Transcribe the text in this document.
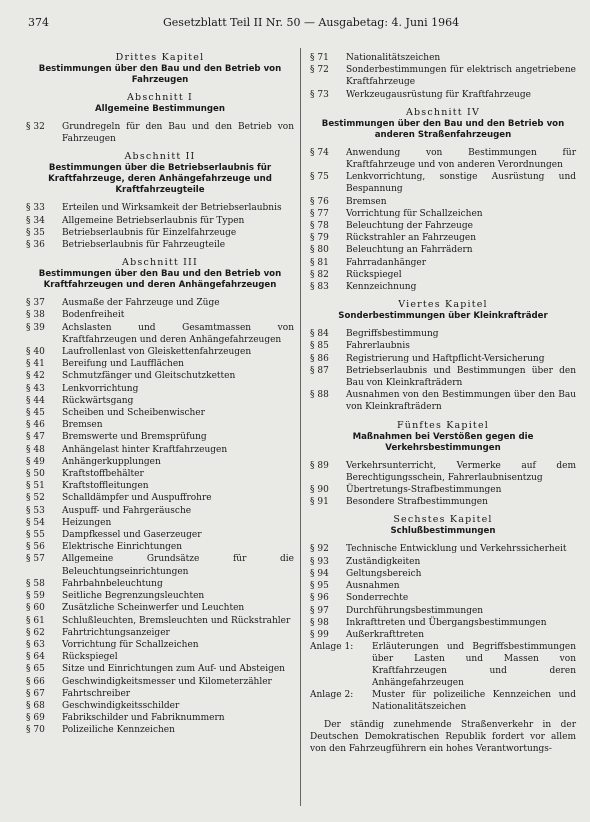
374	Gesetzblatt Teil II Nr. 50 — Ausgabetag: 4. Juni 1964
Drittes Kapitel
Bestimmungen über den Bau und den Betrieb von Fahrzeugen
Abschnitt I
Allgemeine Bestimmungen
§ 32	Grundregeln für den Bau und den Betrieb von Fahrzeugen
Abschnitt II
Bestimmungen über die Betriebserlaubnis für Kraftfahrzeuge, deren Anhängefahrzeuge und Kraftfahrzeugteile
§ 33	Erteilen und Wirksamkeit der Betriebserlaubnis
§ 34	Allgemeine Betriebserlaubnis für Typen
§ 35	Betriebserlaubnis für Einzelfahrzeuge
§ 36	Betriebserlaubnis für Fahrzeugteile
Abschnitt III
Bestimmungen über den Bau und den Betrieb von Kraftfahrzeugen und deren Anhängefahrzeugen
§ 37	Ausmaße der Fahrzeuge und Züge
§ 38	Bodenfreiheit
§ 39	Achslasten und Gesamtmassen von Kraftfahrzeugen und deren Anhängefahrzeugen
§ 40	Laufrollenlast von Gleiskettenfahrzeugen
§ 41	Bereifung und Laufflächen
§ 42	Schmutzfänger und Gleitschutzketten
§ 43	Lenkvorrichtung
§ 44	Rückwärtsgang
§ 45	Scheiben und Scheibenwischer
§ 46	Bremsen
§ 47	Bremswerte und Bremsprüfung
§ 48	Anhängelast hinter Kraftfahrzeugen
§ 49	Anhängerkupplungen
§ 50	Kraftstoffbehälter
§ 51	Kraftstoffleitungen
§ 52	Schalldämpfer und Auspuffrohre
§ 53	Auspuff- und Fahrgeräusche
§ 54	Heizungen
§ 55	Dampfkessel und Gaserzeuger
§ 56	Elektrische Einrichtungen
§ 57	Allgemeine Grundsätze für die Beleuchtungseinrichtungen
§ 58	Fahrbahnbeleuchtung
§ 59	Seitliche Begrenzungsleuchten
§ 60	Zusätzliche Scheinwerfer und Leuchten
§ 61	Schlußleuchten, Bremsleuchten und Rückstrahler
§ 62	Fahrtrichtungsanzeiger
§ 63	Vorrichtung für Schallzeichen
§ 64	Rückspiegel
§ 65	Sitze und Einrichtungen zum Auf- und Absteigen
§ 66	Geschwindigkeitsmesser und Kilometerzähler
§ 67	Fahrtschreiber
§ 68	Geschwindigkeitsschilder
§ 69	Fabrikschilder und Fabriknummern
§ 70	Polizeiliche Kennzeichen
§ 71	Nationalitätszeichen
§ 72	Sonderbestimmungen für elektrisch angetriebene Kraftfahrzeuge
§ 73	Werkzeugausrüstung für Kraftfahrzeuge
Abschnitt IV
Bestimmungen über den Bau und den Betrieb von anderen Straßenfahrzeugen
§ 74	Anwendung von Bestimmungen für Kraftfahrzeuge und von anderen Verordnungen
§ 75	Lenkvorrichtung, sonstige Ausrüstung und Bespannung
§ 76	Bremsen
§ 77	Vorrichtung für Schallzeichen
§ 78	Beleuchtung der Fahrzeuge
§ 79	Rückstrahler an Fahrzeugen
§ 80	Beleuchtung an Fahrrädern
§ 81	Fahrradanhänger
§ 82	Rückspiegel
§ 83	Kennzeichnung
Viertes Kapitel
Sonderbestimmungen über Kleinkrafträder
§ 84	Begriffsbestimmung
§ 85	Fahrerlaubnis
§ 86	Registrierung und Haftpflicht-Versicherung
§ 87	Betriebserlaubnis und Bestimmungen über den Bau von Kleinkrafträdern
§ 88	Ausnahmen von den Bestimmungen über den Bau von Kleinkrafträdern
Fünftes Kapitel
Maßnahmen bei Verstößen gegen die Verkehrsbestimmungen
§ 89	Verkehrsunterricht, Vermerke auf dem Berechtigungsschein, Fahrerlaubnisentzug
§ 90	Übertretungs-Strafbestimmungen
§ 91	Besondere Strafbestimmungen
Sechstes Kapitel
Schlußbestimmungen
§ 92	Technische Entwicklung und Verkehrssicherheit
§ 93	Zuständigkeiten
§ 94	Geltungsbereich
§ 95	Ausnahmen
§ 96	Sonderrechte
§ 97	Durchführungsbestimmungen
§ 98	Inkrafttreten und Übergangsbestimmungen
§ 99	Außerkrafttreten
Anlage 1:	Erläuterungen und Begriffsbestimmungen über Lasten und Massen von Kraftfahrzeugen und deren Anhängefahrzeugen
Anlage 2:	Muster für polizeiliche Kennzeichen und Nationalitätszeichen
Der ständig zunehmende Straßenverkehr in der Deutschen Demokratischen Republik fordert vor allem von den Fahrzeugführern ein hohes Verantwortungs-
